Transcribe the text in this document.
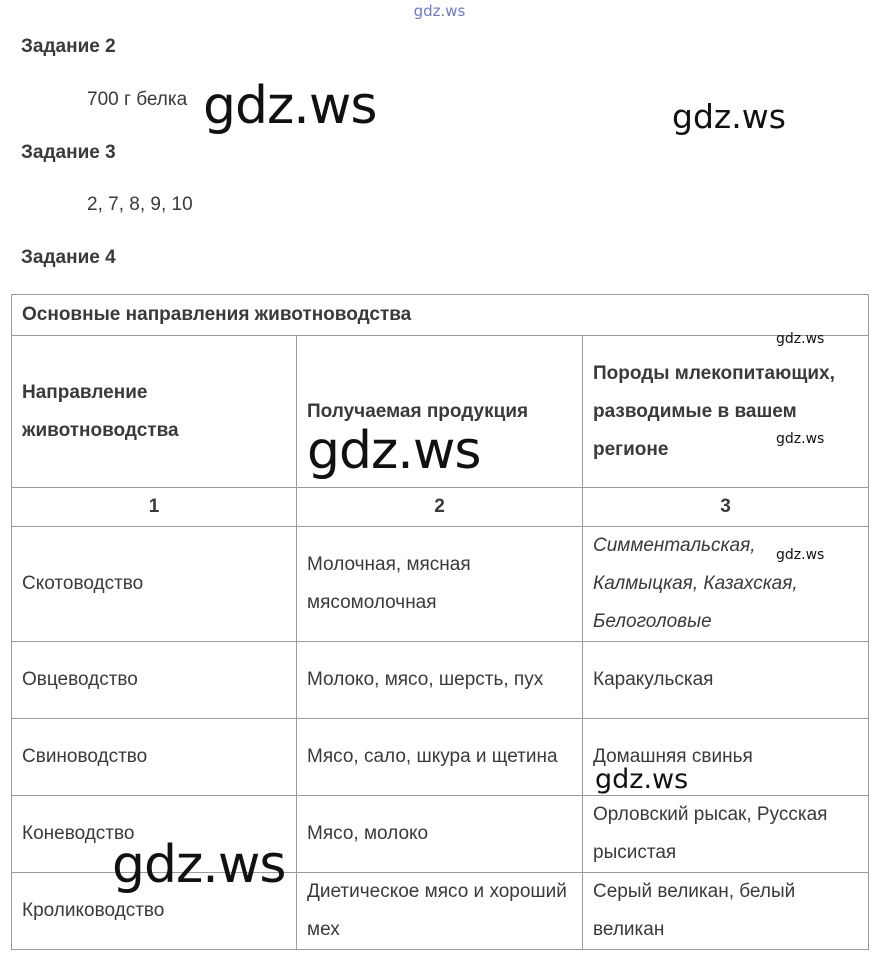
gdz.ws
Задание 2
700 г белка
Задание 3
2, 7, 8, 9, 10
Задание 4
Основные направления животноводства		
Направление животноводства	Получаемая продукция	Породы млекопитающих, разводимые в вашем регионе
1	2	3
Скотоводство	Молочная, мясная мясомолочная	Симментальская, Калмыцкая, Казахская, Белоголовые
Овцеводство	Молоко, мясо, шерсть, пух	Каракульская
Свиноводство	Мясо, сало, шкура и щетина	Домашняя свинья
Коневодство	Мясо, молоко	Орловский рысак, Русская рысистая
Кролиководство	Диетическое мясо и хороший мех	Серый великан, белый великан
gdz.ws	gdz.ws
gdz.ws
gdz.ws
gdz.ws
gdz.ws
gdz.ws
gdz.ws
